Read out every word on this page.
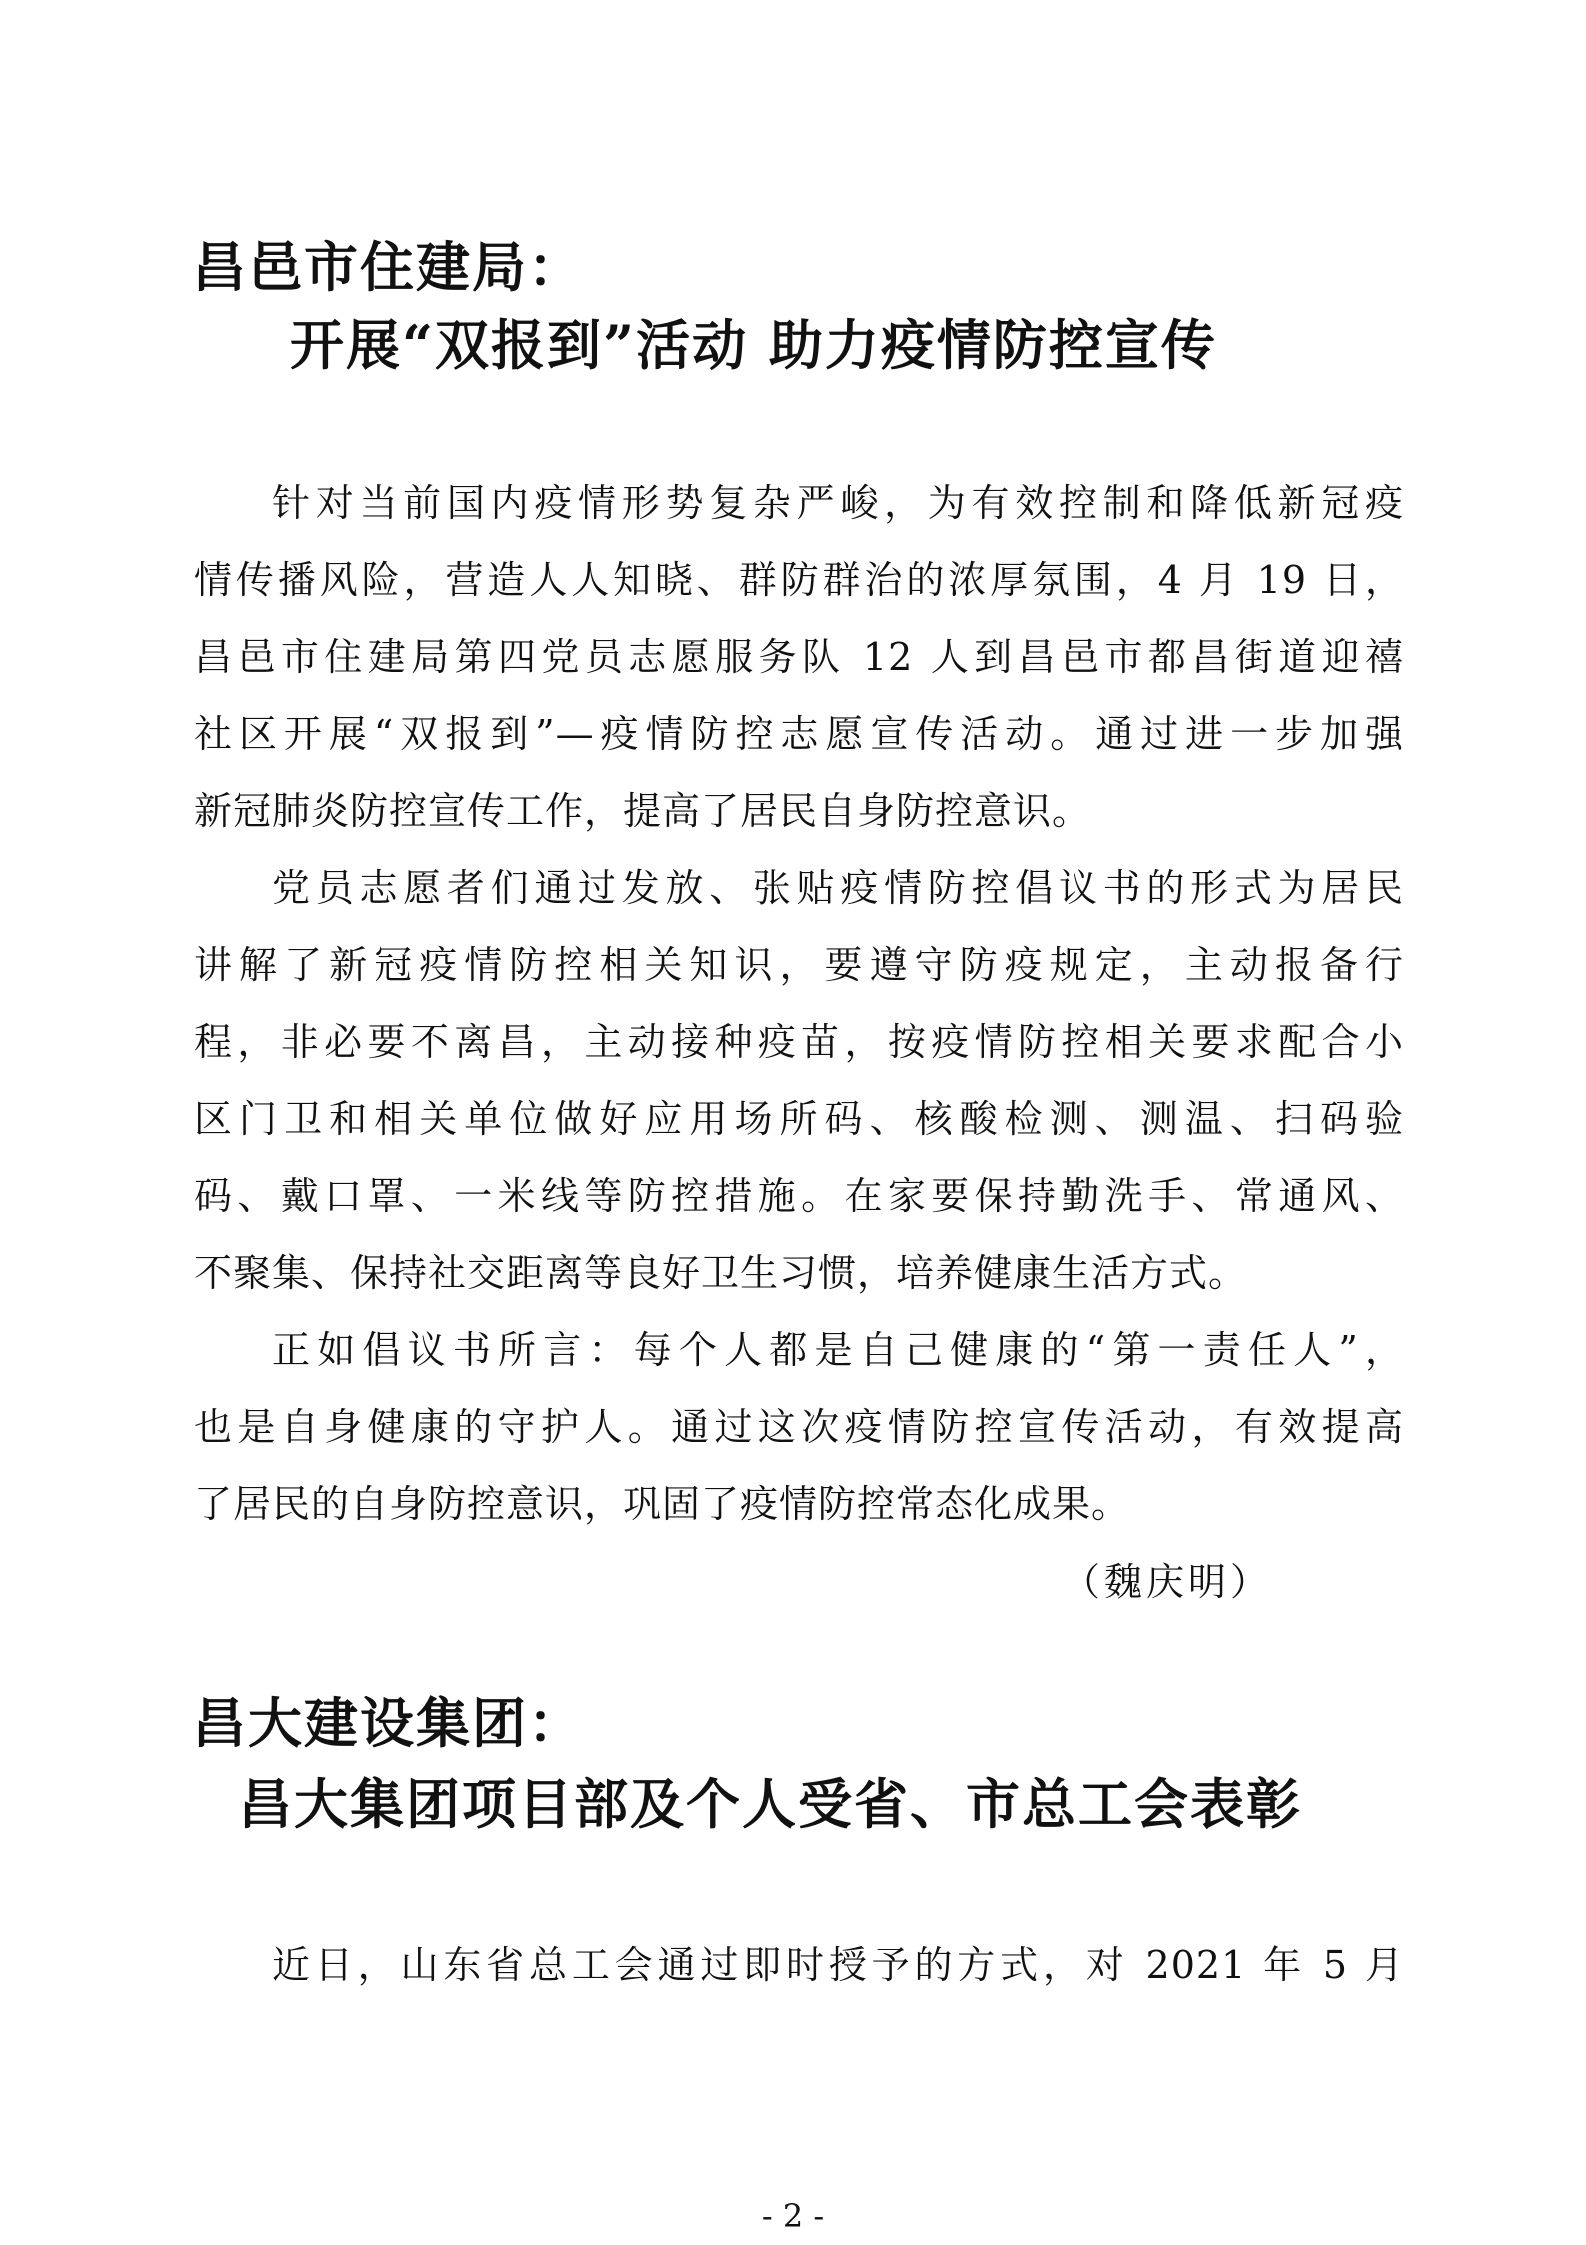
昌邑市住建局：
开展“双报到”活动 助力疫情防控宣传
针对当前国内疫情形势复杂严峻，为有效控制和降低新冠疫
情传播风险，营造人人知晓、群防群治的浓厚氛围，4 月 19 日，
昌邑市住建局第四党员志愿服务队 12 人到昌邑市都昌街道迎禧
社区开展“双报到”—疫情防控志愿宣传活动。通过进一步加强
新冠肺炎防控宣传工作，提高了居民自身防控意识。
党员志愿者们通过发放、张贴疫情防控倡议书的形式为居民
讲解了新冠疫情防控相关知识，要遵守防疫规定，主动报备行
程，非必要不离昌，主动接种疫苗，按疫情防控相关要求配合小
区门卫和相关单位做好应用场所码、核酸检测、测温、扫码验
码、戴口罩、一米线等防控措施。在家要保持勤洗手、常通风、
不聚集、保持社交距离等良好卫生习惯，培养健康生活方式。
正如倡议书所言：每个人都是自己健康的“第一责任人”，
也是自身健康的守护人。通过这次疫情防控宣传活动，有效提高
了居民的自身防控意识，巩固了疫情防控常态化成果。
（魏庆明）
昌大建设集团：
昌大集团项目部及个人受省、市总工会表彰
近日，山东省总工会通过即时授予的方式，对 2021 年 5 月
- 2 -
